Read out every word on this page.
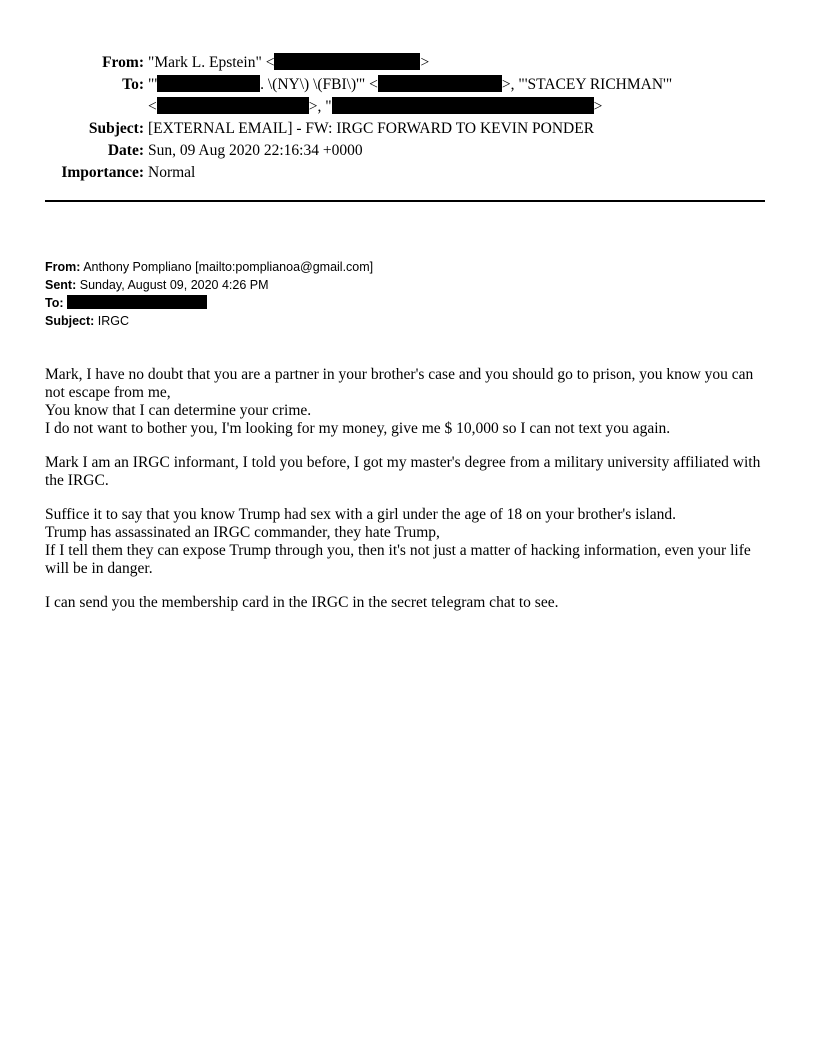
From: "Mark L. Epstein" <	>
To: "'	. \(NY\) \(FBI\)'" <	>, "'STACEY RICHMAN'"
<	>, "	>
Subject: [EXTERNAL EMAIL] - FW: IRGC FORWARD TO KEVIN PONDER
Date: Sun, 09 Aug 2020 22:16:34 +0000
Importance: Normal
From: Anthony Pompliano [mailto:pomplianoa@gmail.com]
Sent: Sunday, August 09, 2020 4:26 PM
To:
Subject: IRGC

Mark, I have no doubt that you are a partner in your brother's case and you should go to prison, you know you can not escape from me,

You know that I can determine your crime.

I do not want to bother you, I'm looking for my money, give me $ 10,000 so I can not text you again.

Mark I am an IRGC informant, I told you before, I got my master's degree from a military university affiliated with the IRGC.

Suffice it to say that you know Trump had sex with a girl under the age of 18 on your brother's island.

Trump has assassinated an IRGC commander, they hate Trump,

If I tell them they can expose Trump through you, then it's not just a matter of hacking information, even your life will be in danger.

I can send you the membership card in the IRGC in the secret telegram chat to see.
